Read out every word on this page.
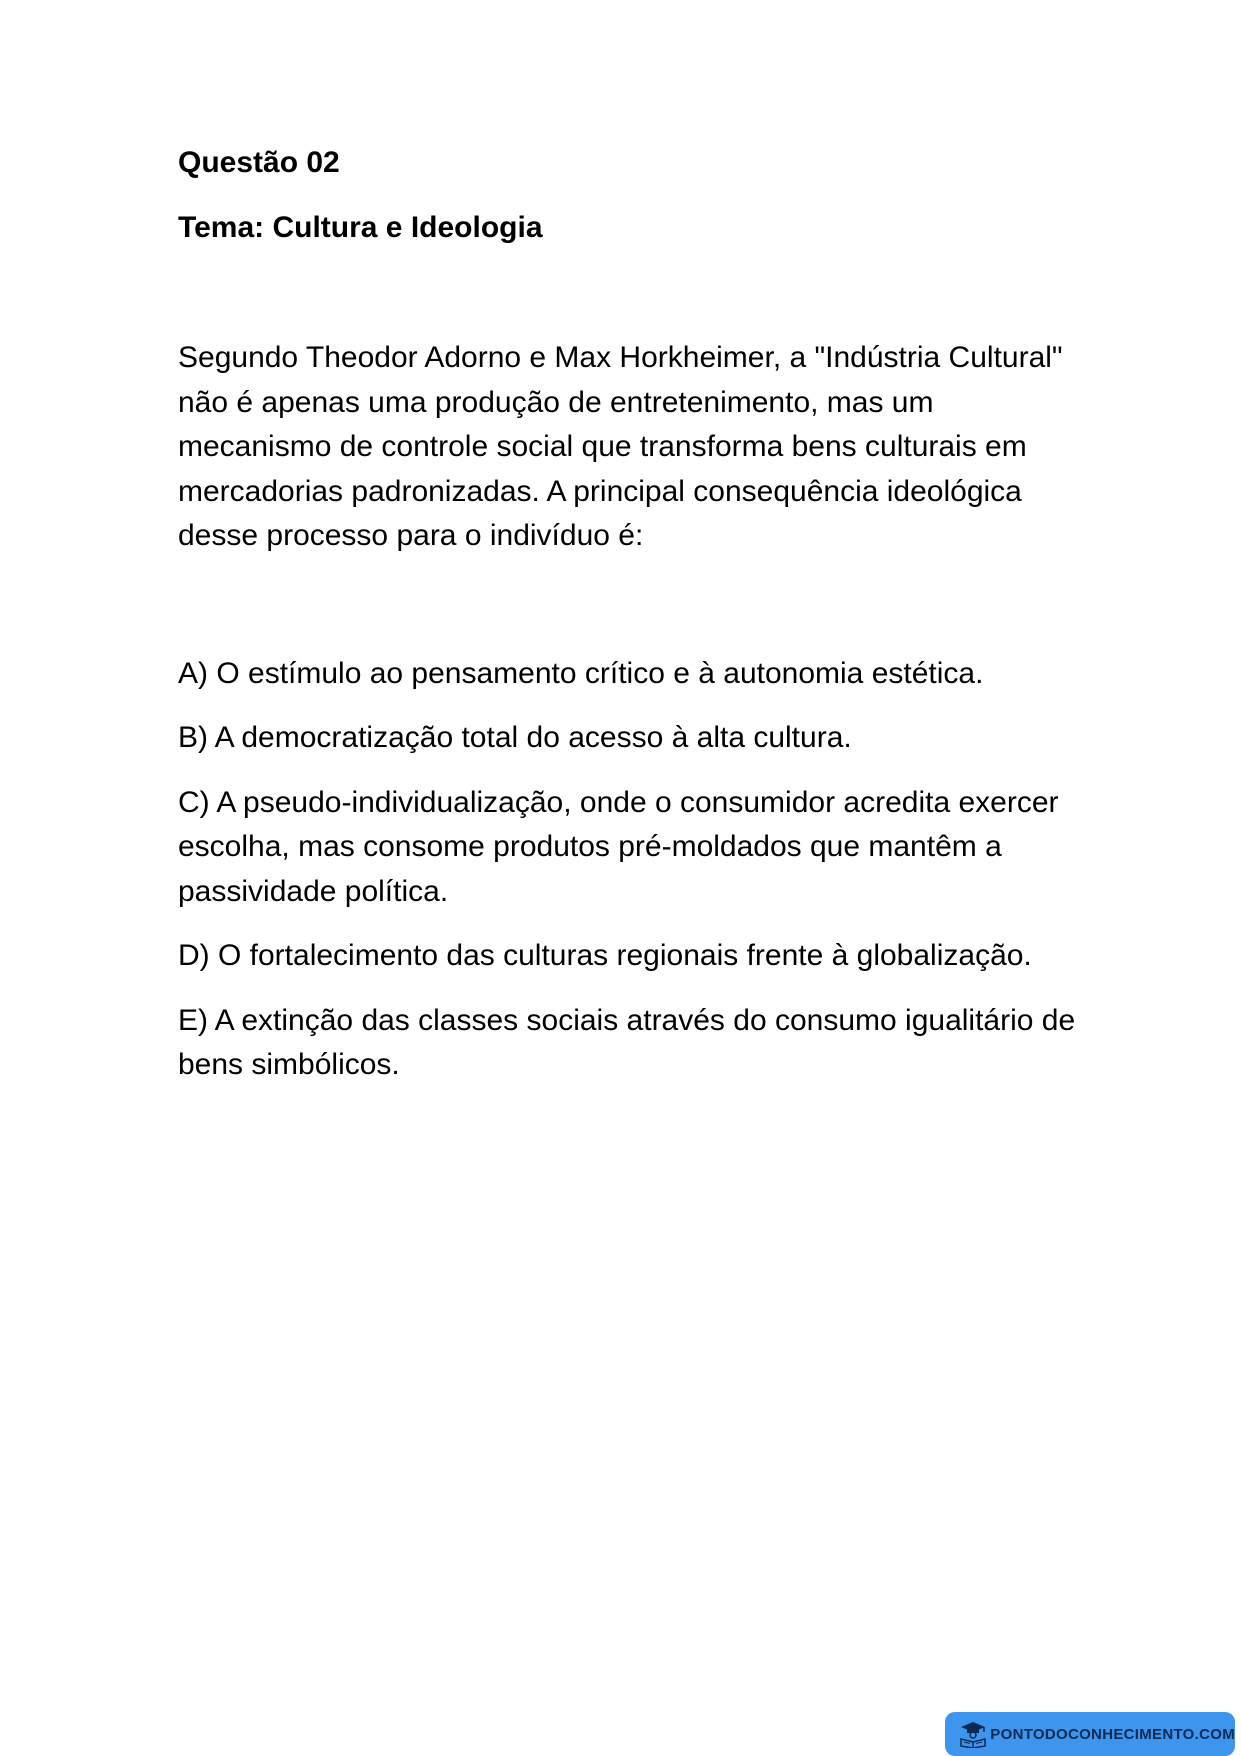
Questão 02

Tema: Cultura e Ideologia

Segundo Theodor Adorno e Max Horkheimer, a "Indústria Cultural" não é apenas uma produção de entretenimento, mas um mecanismo de controle social que transforma bens culturais em mercadorias padronizadas. A principal consequência ideológica desse processo para o indivíduo é:

A) O estímulo ao pensamento crítico e à autonomia estética.

B) A democratização total do acesso à alta cultura.

C) A pseudo-individualização, onde o consumidor acredita exercer escolha, mas consome produtos pré-moldados que mantêm a passividade política.

D) O fortalecimento das culturas regionais frente à globalização.

E) A extinção das classes sociais através do consumo igualitário de bens simbólicos.

PONTODOCONHECIMENTO.COM
